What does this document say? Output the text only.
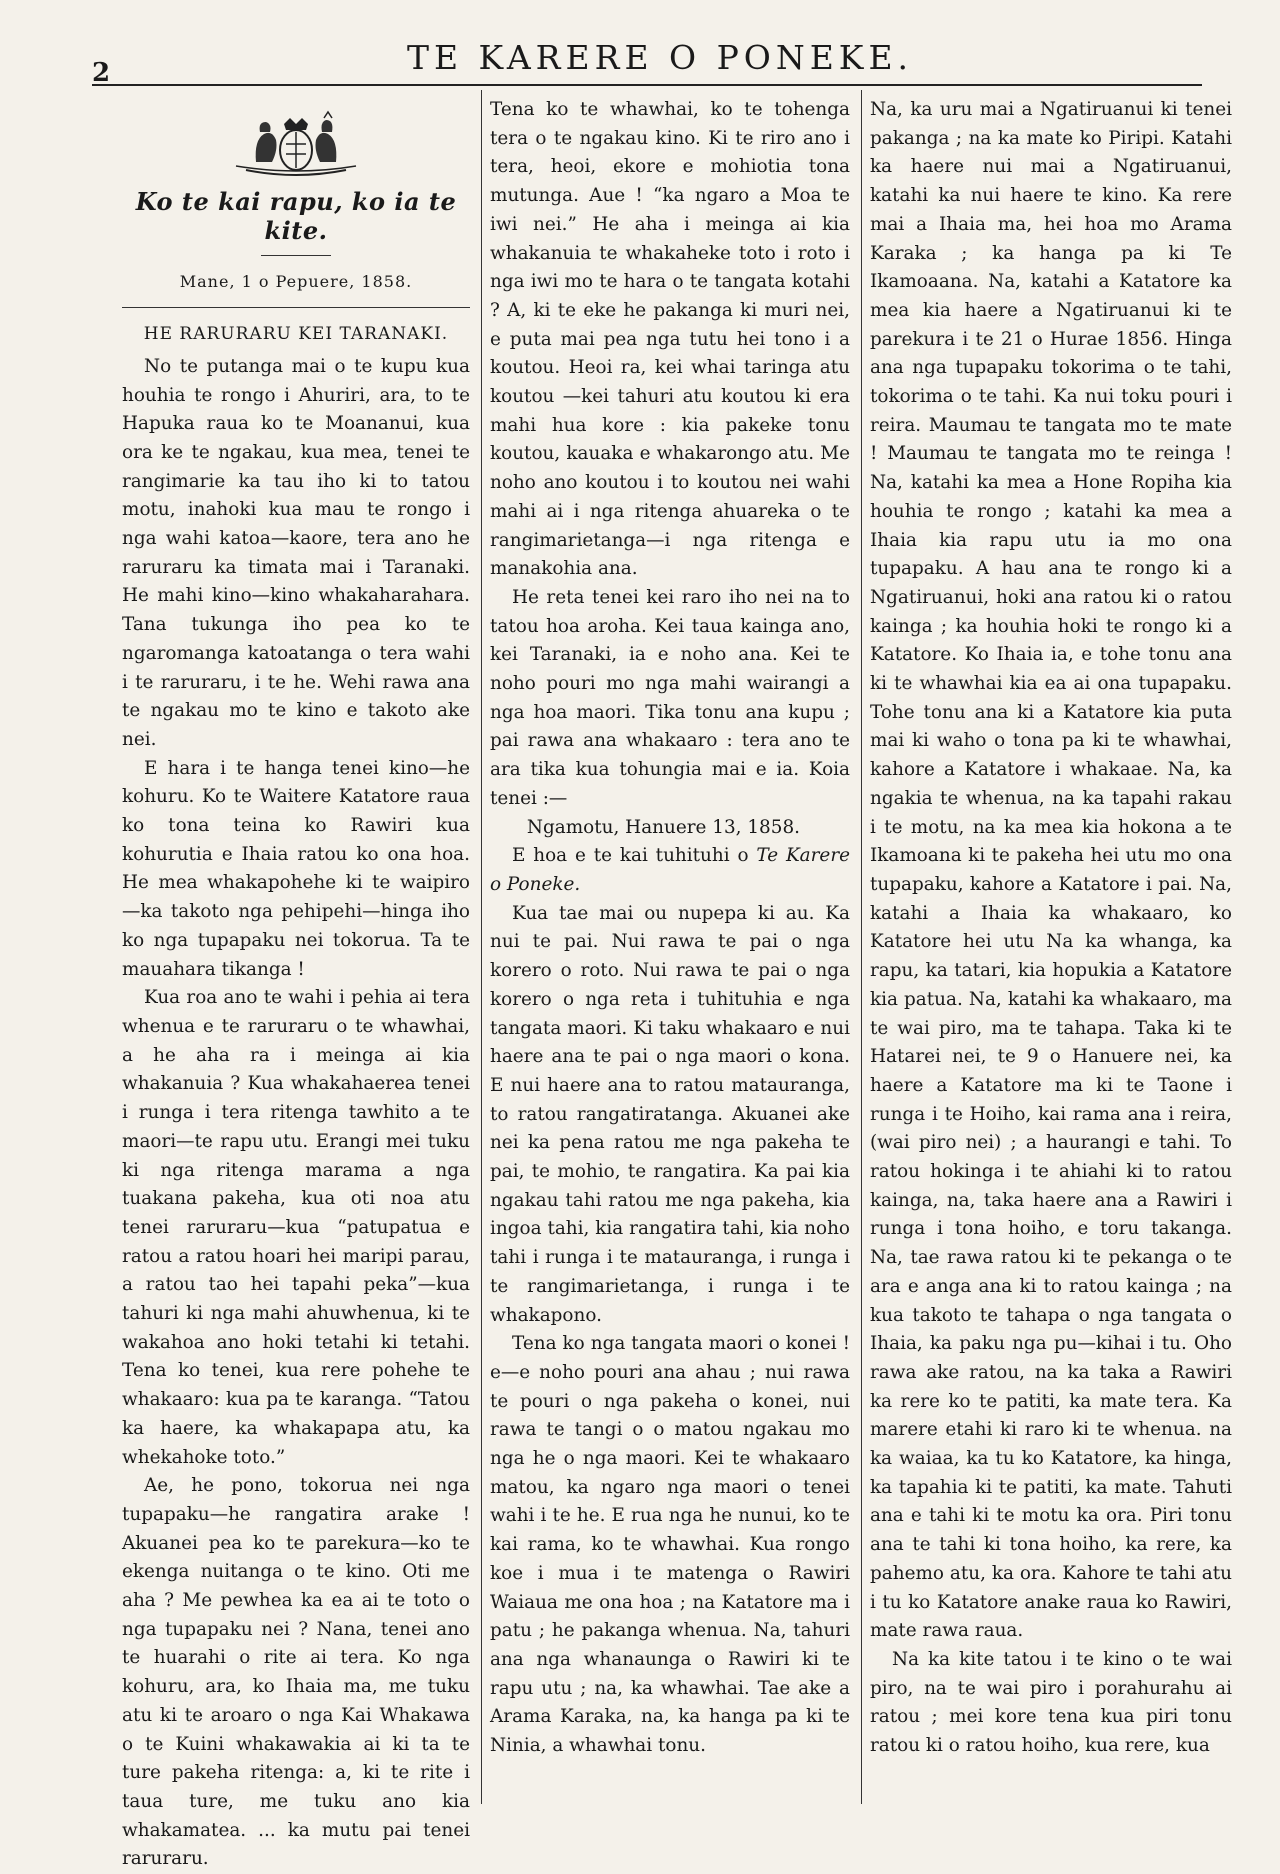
2	TE KARERE O PONEKE.
Ko te kai rapu, ko ia te kite.
Mane, 1 o Pepuere, 1858.
HE RARURARU KEI TARANAKI.

No te putanga mai o te kupu kua houhia te rongo i Ahuriri, ara, to te Hapuka raua ko te Moananui, kua ora ke te ngakau, kua mea, tenei te rangimarie ka tau iho ki to tatou motu, inahoki kua mau te rongo i nga wahi katoa—kaore, tera ano he raruraru ka timata mai i Taranaki. He mahi kino—kino whakaharahara. Tana tukunga iho pea ko te ngaromanga katoatanga o tera wahi i te raruraru, i te he. Wehi rawa ana te ngakau mo te kino e takoto ake nei.

E hara i te hanga tenei kino—he kohuru. Ko te Waitere Katatore raua ko tona teina ko Rawiri kua kohurutia e Ihaia ratou ko ona hoa. He mea whakapohehe ki te waipiro—ka takoto nga pehipehi—hinga iho ko nga tupapaku nei tokorua. Ta te mauahara tikanga !

Kua roa ano te wahi i pehia ai tera whenua e te raruraru o te whawhai, a he aha ra i meinga ai kia whakanuia ? Kua whakahaerea tenei i runga i tera ritenga tawhito a te maori—te rapu utu. Erangi mei tuku ki nga ritenga marama a nga tuakana pakeha, kua oti noa atu tenei raruraru—kua “patupatua e ratou a ratou hoari hei maripi parau, a ratou tao hei tapahi peka”—kua tahuri ki nga mahi ahuwhenua, ki te wakahoa ano hoki tetahi ki tetahi. Tena ko tenei, kua rere pohehe te whakaaro: kua pa te karanga. “Tatou ka haere, ka whakapapa atu, ka whekahoke toto.”

Ae, he pono, tokorua nei nga tupapaku—he rangatira arake ! Akuanei pea ko te parekura—ko te ekenga nuitanga o te kino. Oti me aha ? Me pewhea ka ea ai te toto o nga tupapaku nei ? Nana, tenei ano te huarahi o rite ai tera. Ko nga kohuru, ara, ko Ihaia ma, me tuku atu ki te aroaro o nga Kai Whakawa o te Kuini whakawakia ai ki ta te ture pakeha ritenga: a, ki te rite i taua ture, me tuku ano kia whakamatea. ... ka mutu pai tenei raruraru.

Tena ko te whawhai, ko te tohenga tera o te ngakau kino. Ki te riro ano i tera, heoi, ekore e mohiotia tona mutunga. Aue ! “ka ngaro a Moa te iwi nei.” He aha i meinga ai kia whakanuia te whakaheke toto i roto i nga iwi mo te hara o te tangata kotahi ? A, ki te eke he pakanga ki muri nei, e puta mai pea nga tutu hei tono i a koutou. Heoi ra, kei whai taringa atu koutou —kei tahuri atu koutou ki era mahi hua kore : kia pakeke tonu koutou, kauaka e whakarongo atu. Me noho ano koutou i to koutou nei wahi mahi ai i nga ritenga ahuareka o te rangimarietanga—i nga ritenga e manakohia ana.

He reta tenei kei raro iho nei na to tatou hoa aroha. Kei taua kainga ano, kei Taranaki, ia e noho ana. Kei te noho pouri mo nga mahi wairangi a nga hoa maori. Tika tonu ana kupu ; pai rawa ana whakaaro : tera ano te ara tika kua tohungia mai e ia. Koia tenei :—

Ngamotu, Hanuere 13, 1858.

E hoa e te kai tuhituhi o Te Karere o Poneke.

Kua tae mai ou nupepa ki au. Ka nui te pai. Nui rawa te pai o nga korero o roto. Nui rawa te pai o nga korero o nga reta i tuhituhia e nga tangata maori. Ki taku whakaaro e nui haere ana te pai o nga maori o kona. E nui haere ana to ratou matauranga, to ratou rangatiratanga. Akuanei ake nei ka pena ratou me nga pakeha te pai, te mohio, te rangatira. Ka pai kia ngakau tahi ratou me nga pakeha, kia ingoa tahi, kia rangatira tahi, kia noho tahi i runga i te matauranga, i runga i te rangimarietanga, i runga i te whakapono.

Tena ko nga tangata maori o konei ! e—e noho pouri ana ahau ; nui rawa te pouri o nga pakeha o konei, nui rawa te tangi o o matou ngakau mo nga he o nga maori. Kei te whakaaro matou, ka ngaro nga maori o tenei wahi i te he. E rua nga he nunui, ko te kai rama, ko te whawhai. Kua rongo koe i mua i te matenga o Rawiri Waiaua me ona hoa ; na Katatore ma i patu ; he pakanga whenua. Na, tahuri ana nga whanaunga o Rawiri ki te rapu utu ; na, ka whawhai. Tae ake a Arama Karaka, na, ka hanga pa ki te Ninia, a whawhai tonu.

Na, ka uru mai a Ngatiruanui ki tenei pakanga ; na ka mate ko Piripi. Katahi ka haere nui mai a Ngatiruanui, katahi ka nui haere te kino. Ka rere mai a Ihaia ma, hei hoa mo Arama Karaka ; ka hanga pa ki Te Ikamoaana. Na, katahi a Katatore ka mea kia haere a Ngatiruanui ki te parekura i te 21 o Hurae 1856. Hinga ana nga tupapaku tokorima o te tahi, tokorima o te tahi. Ka nui toku pouri i reira. Maumau te tangata mo te mate ! Maumau te tangata mo te reinga ! Na, katahi ka mea a Hone Ropiha kia houhia te rongo ; katahi ka mea a Ihaia kia rapu utu ia mo ona tupapaku. A hau ana te rongo ki a Ngatiruanui, hoki ana ratou ki o ratou kainga ; ka houhia hoki te rongo ki a Katatore. Ko Ihaia ia, e tohe tonu ana ki te whawhai kia ea ai ona tupapaku. Tohe tonu ana ki a Katatore kia puta mai ki waho o tona pa ki te whawhai, kahore a Katatore i whakaae. Na, ka ngakia te whenua, na ka tapahi rakau i te motu, na ka mea kia hokona a te Ikamoana ki te pakeha hei utu mo ona tupapaku, kahore a Katatore i pai. Na, katahi a Ihaia ka whakaaro, ko Katatore hei utu Na ka whanga, ka rapu, ka tatari, kia hopukia a Katatore kia patua. Na, katahi ka whakaaro, ma te wai piro, ma te tahapa. Taka ki te Hatarei nei, te 9 o Hanuere nei, ka haere a Katatore ma ki te Taone i runga i te Hoiho, kai rama ana i reira, (wai piro nei) ; a haurangi e tahi. To ratou hokinga i te ahiahi ki to ratou kainga, na, taka haere ana a Rawiri i runga i tona hoiho, e toru takanga. Na, tae rawa ratou ki te pekanga o te ara e anga ana ki to ratou kainga ; na kua takoto te tahapa o nga tangata o Ihaia, ka paku nga pu—kihai i tu. Oho rawa ake ratou, na ka taka a Rawiri ka rere ko te patiti, ka mate tera. Ka marere etahi ki raro ki te whenua. na ka waiaa, ka tu ko Katatore, ka hinga, ka tapahia ki te patiti, ka mate. Tahuti ana e tahi ki te motu ka ora. Piri tonu ana te tahi ki tona hoiho, ka rere, ka pahemo atu, ka ora. Kahore te tahi atu i tu ko Katatore anake raua ko Rawiri, mate rawa raua.

Na ka kite tatou i te kino o te wai piro, na te wai piro i porahurahu ai ratou ; mei kore tena kua piri tonu ratou ki o ratou hoiho, kua rere, kua
